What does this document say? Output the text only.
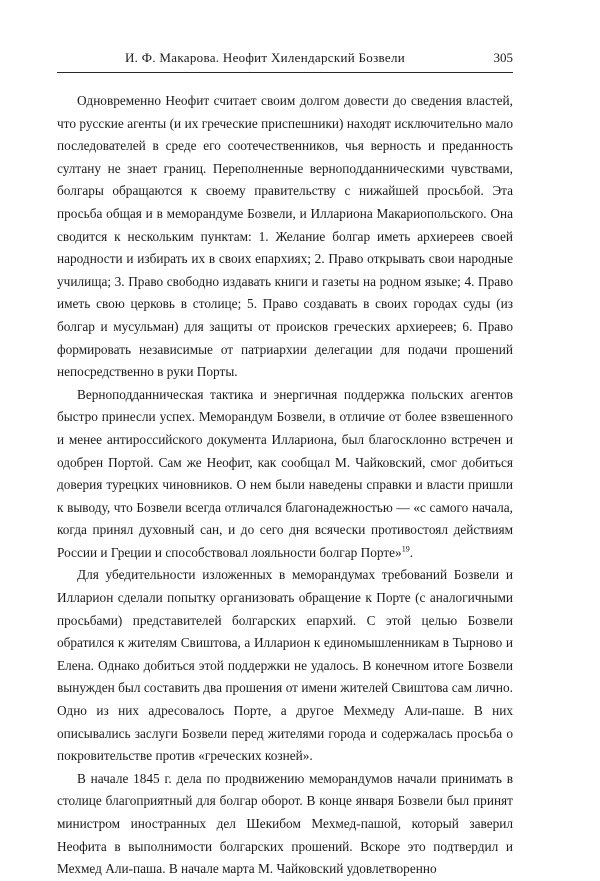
И. Ф. Макарова. Неофит Хилендарский Бозвели	305

Одновременно Неофит считает своим долгом довести до сведения властей, что русские агенты (и их греческие приспешники) находят исключительно мало последователей в среде его соотечественников, чья верность и преданность султану не знает границ. Переполненные верноподданническими чувствами, болгары обращаются к своему правительству с нижайшей просьбой. Эта просьба общая и в меморандуме Бозвели, и Иллариона Макариопольского. Она сводится к нескольким пунктам: 1. Желание болгар иметь архиереев своей народности и избирать их в своих епархиях; 2. Право открывать свои народные училища; 3. Право свободно издавать книги и газеты на родном языке; 4. Право иметь свою церковь в столице; 5. Право создавать в своих городах суды (из болгар и мусульман) для защиты от происков греческих архиереев; 6. Право формировать независимые от патриархии делегации для подачи прошений непосредственно в руки Порты.

Верноподданническая тактика и энергичная поддержка польских агентов быстро принесли успех. Меморандум Бозвели, в отличие от более взвешенного и менее антироссийского документа Иллариона, был благосклонно встречен и одобрен Портой. Сам же Неофит, как сообщал М. Чайковский, смог добиться доверия турецких чиновников. О нем были наведены справки и власти пришли к выводу, что Бозвели всегда отличался благонадежностью — «с самого начала, когда принял духовный сан, и до сего дня всячески противостоял действиям России и Греции и способствовал лояльности болгар Порте»$^{19}$.

Для убедительности изложенных в меморандумах требований Бозвели и Илларион сделали попытку организовать обращение к Порте (с аналогичными просьбами) представителей болгарских епархий. С этой целью Бозвели обратился к жителям Свиштова, а Илларион к единомышленникам в Тырново и Елена. Однако добиться этой поддержки не удалось. В конечном итоге Бозвели вынужден был составить два прошения от имени жителей Свиштова сам лично. Одно из них адресовалось Порте, а другое Мехмеду Али-паше. В них описывались заслуги Бозвели перед жителями города и содержалась просьба о покровительстве против «греческих козней».

В начале 1845 г. дела по продвижению меморандумов начали принимать в столице благоприятный для болгар оборот. В конце января Бозвели был принят министром иностранных дел Шекибом Мехмед-пашой, который заверил Неофита в выполнимости болгарских прошений. Вскоре это подтвердил и Мехмед Али-паша. В начале марта М. Чайковский удовлетворенно
